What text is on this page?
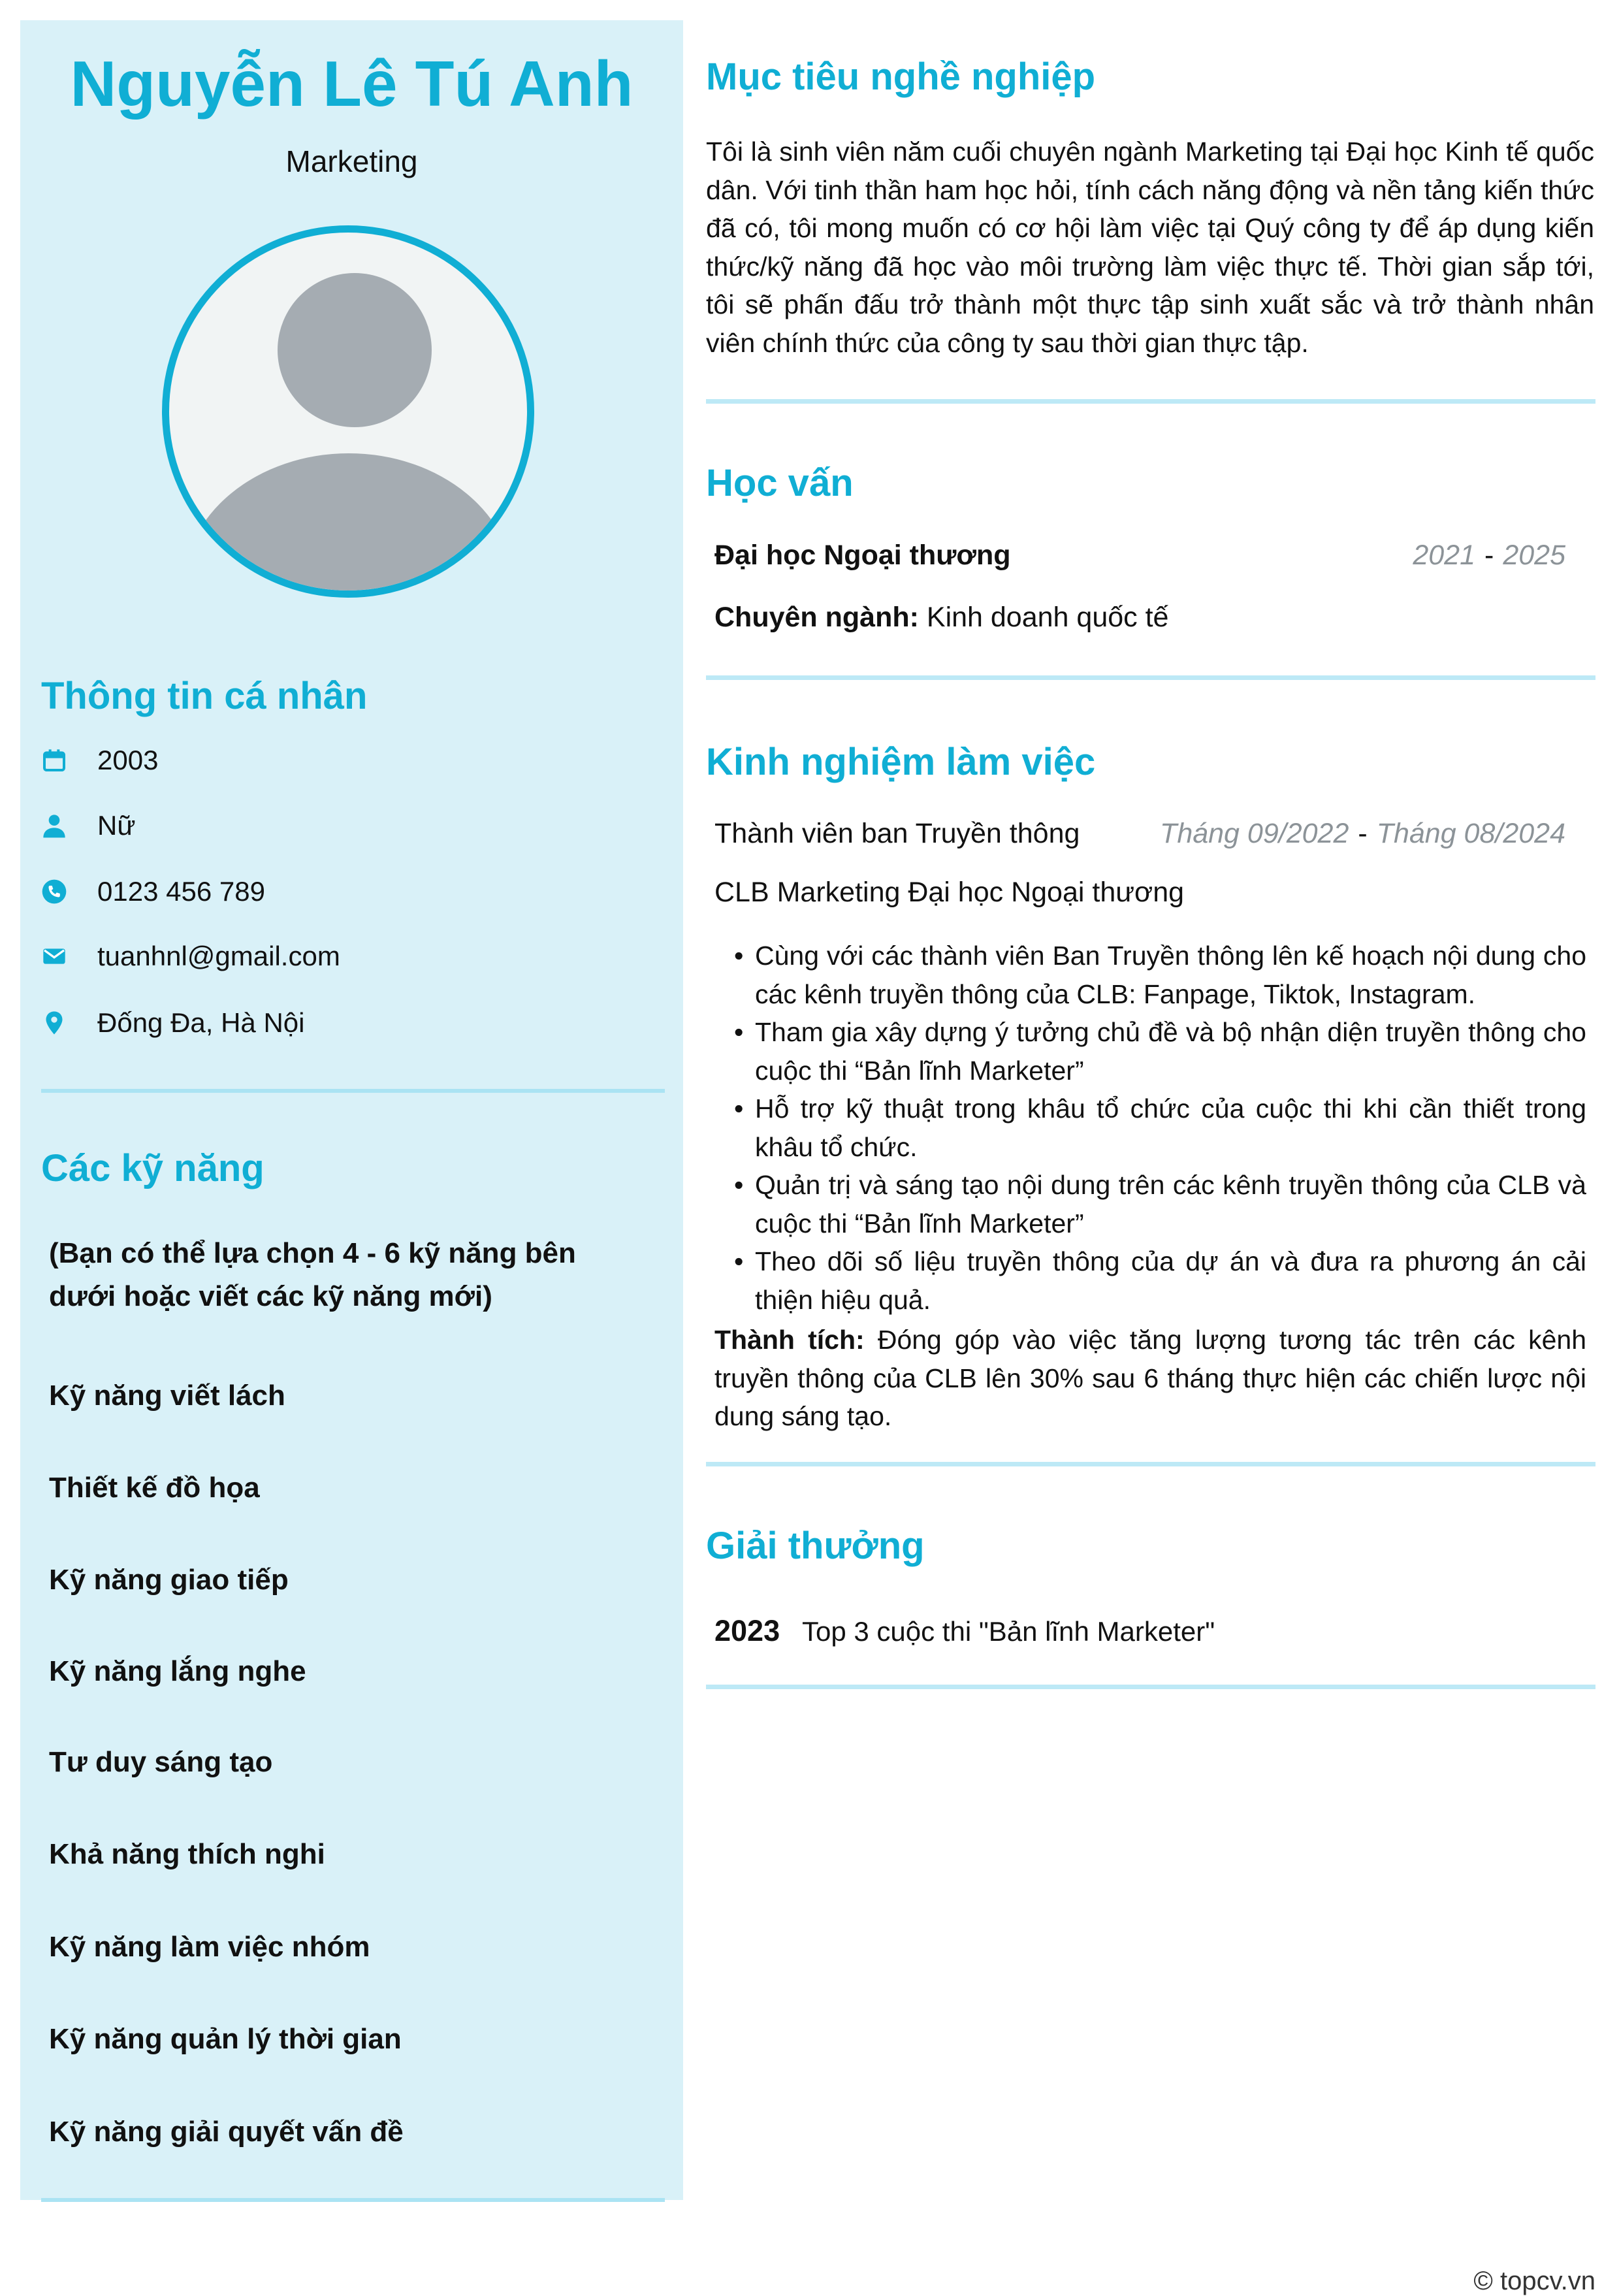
Nguyễn Lê Tú Anh
Marketing
Thông tin cá nhân
2003
Nữ
0123 456 789
tuanhnl@gmail.com
Đống Đa, Hà Nội
Các kỹ năng
(Bạn có thể lựa chọn 4 - 6 kỹ năng bên dưới hoặc viết các kỹ năng mới)
Kỹ năng viết lách
Thiết kế đồ họa
Kỹ năng giao tiếp
Kỹ năng lắng nghe
Tư duy sáng tạo
Khả năng thích nghi
Kỹ năng làm việc nhóm
Kỹ năng quản lý thời gian
Kỹ năng giải quyết vấn đề
Mục tiêu nghề nghiệp
Tôi là sinh viên năm cuối chuyên ngành Marketing tại Đại học Kinh tế quốc dân. Với tinh thần ham học hỏi, tính cách năng động và nền tảng kiến thức đã có, tôi mong muốn có cơ hội làm việc tại Quý công ty để áp dụng kiến thức/kỹ năng đã học vào môi trường làm việc thực tế. Thời gian sắp tới, tôi sẽ phấn đấu trở thành một thực tập sinh xuất sắc và trở thành nhân viên chính thức của công ty sau thời gian thực tập.
Học vấn
Đại học Ngoại thương	2021 - 2025
Chuyên ngành: Kinh doanh quốc tế
Kinh nghiệm làm việc
Thành viên ban Truyền thông	Tháng 09/2022 - Tháng 08/2024
CLB Marketing Đại học Ngoại thương
• Cùng với các thành viên Ban Truyền thông lên kế hoạch nội dung cho các kênh truyền thông của CLB: Fanpage, Tiktok, Instagram.
• Tham gia xây dựng ý tưởng chủ đề và bộ nhận diện truyền thông cho cuộc thi “Bản lĩnh Marketer”
• Hỗ trợ kỹ thuật trong khâu tổ chức của cuộc thi khi cần thiết trong khâu tổ chức.
• Quản trị và sáng tạo nội dung trên các kênh truyền thông của CLB và cuộc thi “Bản lĩnh Marketer”
• Theo dõi số liệu truyền thông của dự án và đưa ra phương án cải thiện hiệu quả.
Thành tích: Đóng góp vào việc tăng lượng tương tác trên các kênh truyền thông của CLB lên 30% sau 6 tháng thực hiện các chiến lược nội dung sáng tạo.
Giải thưởng
2023 Top 3 cuộc thi "Bản lĩnh Marketer"
© topcv.vn
